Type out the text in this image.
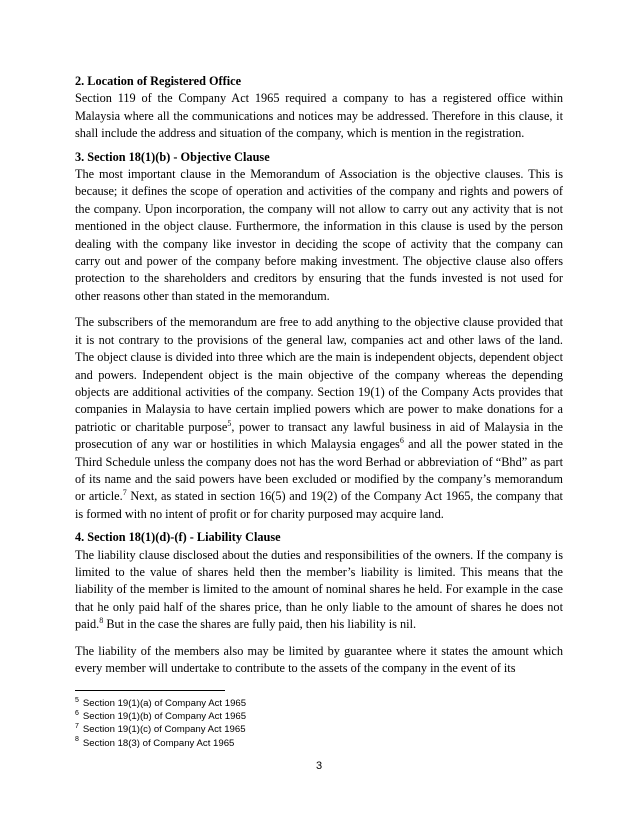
2. Location of Registered Office

Section 119 of the Company Act 1965 required a company to has a registered office within Malaysia where all the communications and notices may be addressed. Therefore in this clause, it shall include the address and situation of the company, which is mention in the registration.

3. Section 18(1)(b) - Objective Clause

The most important clause in the Memorandum of Association is the objective clauses. This is because; it defines the scope of operation and activities of the company and rights and powers of the company. Upon incorporation, the company will not allow to carry out any activity that is not mentioned in the object clause. Furthermore, the information in this clause is used by the person dealing with the company like investor in deciding the scope of activity that the company can carry out and power of the company before making investment. The objective clause also offers protection to the shareholders and creditors by ensuring that the funds invested is not used for other reasons other than stated in the memorandum.

The subscribers of the memorandum are free to add anything to the objective clause provided that it is not contrary to the provisions of the general law, companies act and other laws of the land. The object clause is divided into three which are the main is independent objects, dependent object and powers. Independent object is the main objective of the company whereas the depending objects are additional activities of the company. Section 19(1) of the Company Acts provides that companies in Malaysia to have certain implied powers which are power to make donations for a patriotic or charitable purpose$^5$, power to transact any lawful business in aid of Malaysia in the prosecution of any war or hostilities in which Malaysia engages$^6$ and all the power stated in the Third Schedule unless the company does not has the word Berhad or abbreviation of “Bhd” as part of its name and the said powers have been excluded or modified by the company’s memorandum or article.$^7$ Next, as stated in section 16(5) and 19(2) of the Company Act 1965, the company that is formed with no intent of profit or for charity purposed may acquire land.

4. Section 18(1)(d)-(f) - Liability Clause

The liability clause disclosed about the duties and responsibilities of the owners. If the company is limited to the value of shares held then the member’s liability is limited. This means that the liability of the member is limited to the amount of nominal shares he held. For example in the case that he only paid half of the shares price, than he only liable to the amount of shares he does not paid.$^8$ But in the case the shares are fully paid, then his liability is nil.

The liability of the members also may be limited by guarantee where it states the amount which every member will undertake to contribute to the assets of the company in the event of its

$^5$ Section 19(1)(a) of Company Act 1965
$^6$ Section 19(1)(b) of Company Act 1965
$^7$ Section 19(1)(c) of Company Act 1965
$^8$ Section 18(3) of Company Act 1965
3
